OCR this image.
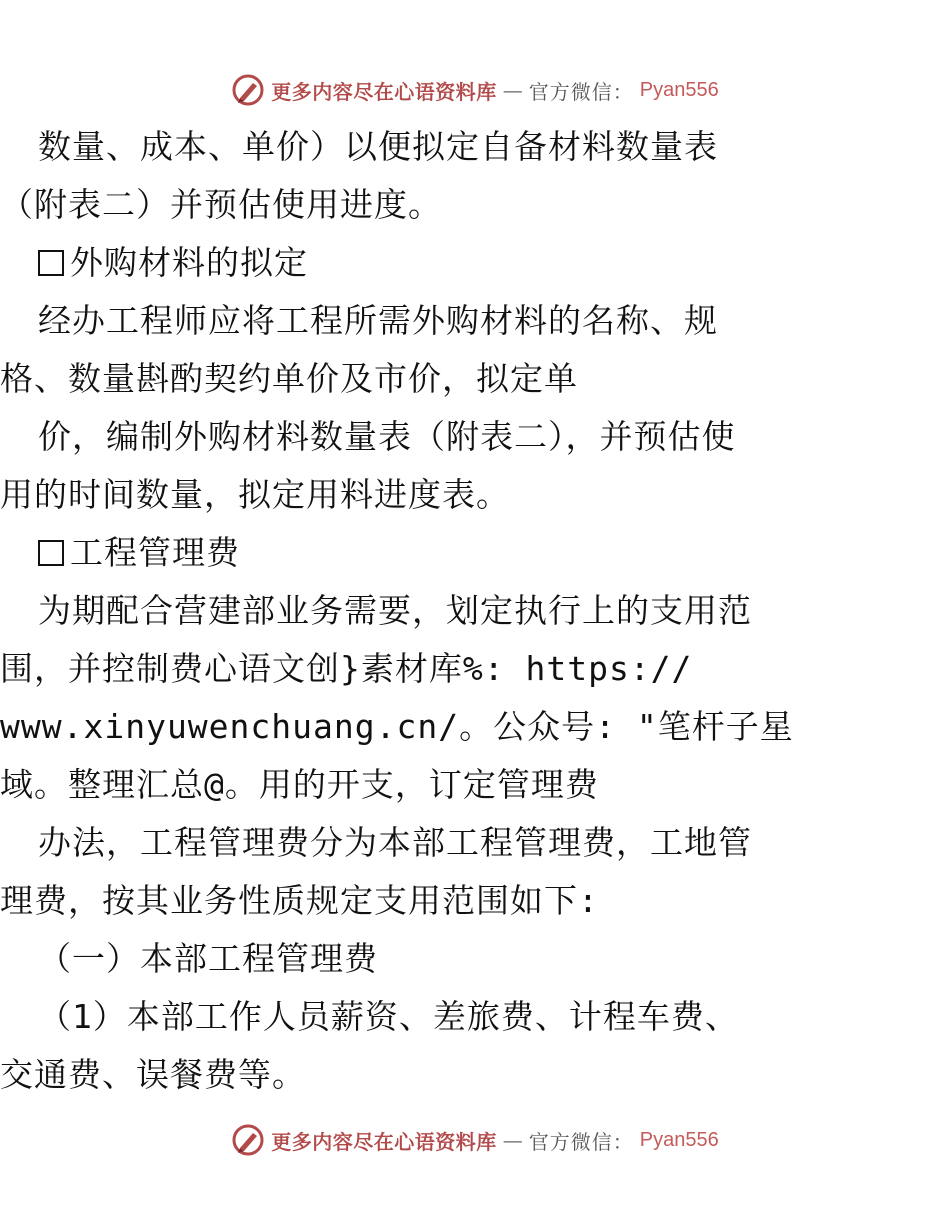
更多内容尽在心语资料库 — 官方微信： Pyan556
数量、成本、单价）以便拟定自备材料数量表
（附表二）并预估使用进度。
外购材料的拟定
经办工程师应将工程所需外购材料的名称、规
格、数量斟酌契约单价及市价，拟定单
价，编制外购材料数量表（附表二），并预估使
用的时间数量，拟定用料进度表。
工程管理费
为期配合营建部业务需要，划定执行上的支用范
围，并控制费心语文创}素材库%: https://
www.xinyuwenchuang.cn/。公众号: "笔杆子星
域。整理汇总@。用的开支，订定管理费
办法，工程管理费分为本部工程管理费，工地管
理费，按其业务性质规定支用范围如下:
（一）本部工程管理费
（1）本部工作人员薪资、差旅费、计程车费、
交通费、误餐费等。
更多内容尽在心语资料库 — 官方微信： Pyan556
